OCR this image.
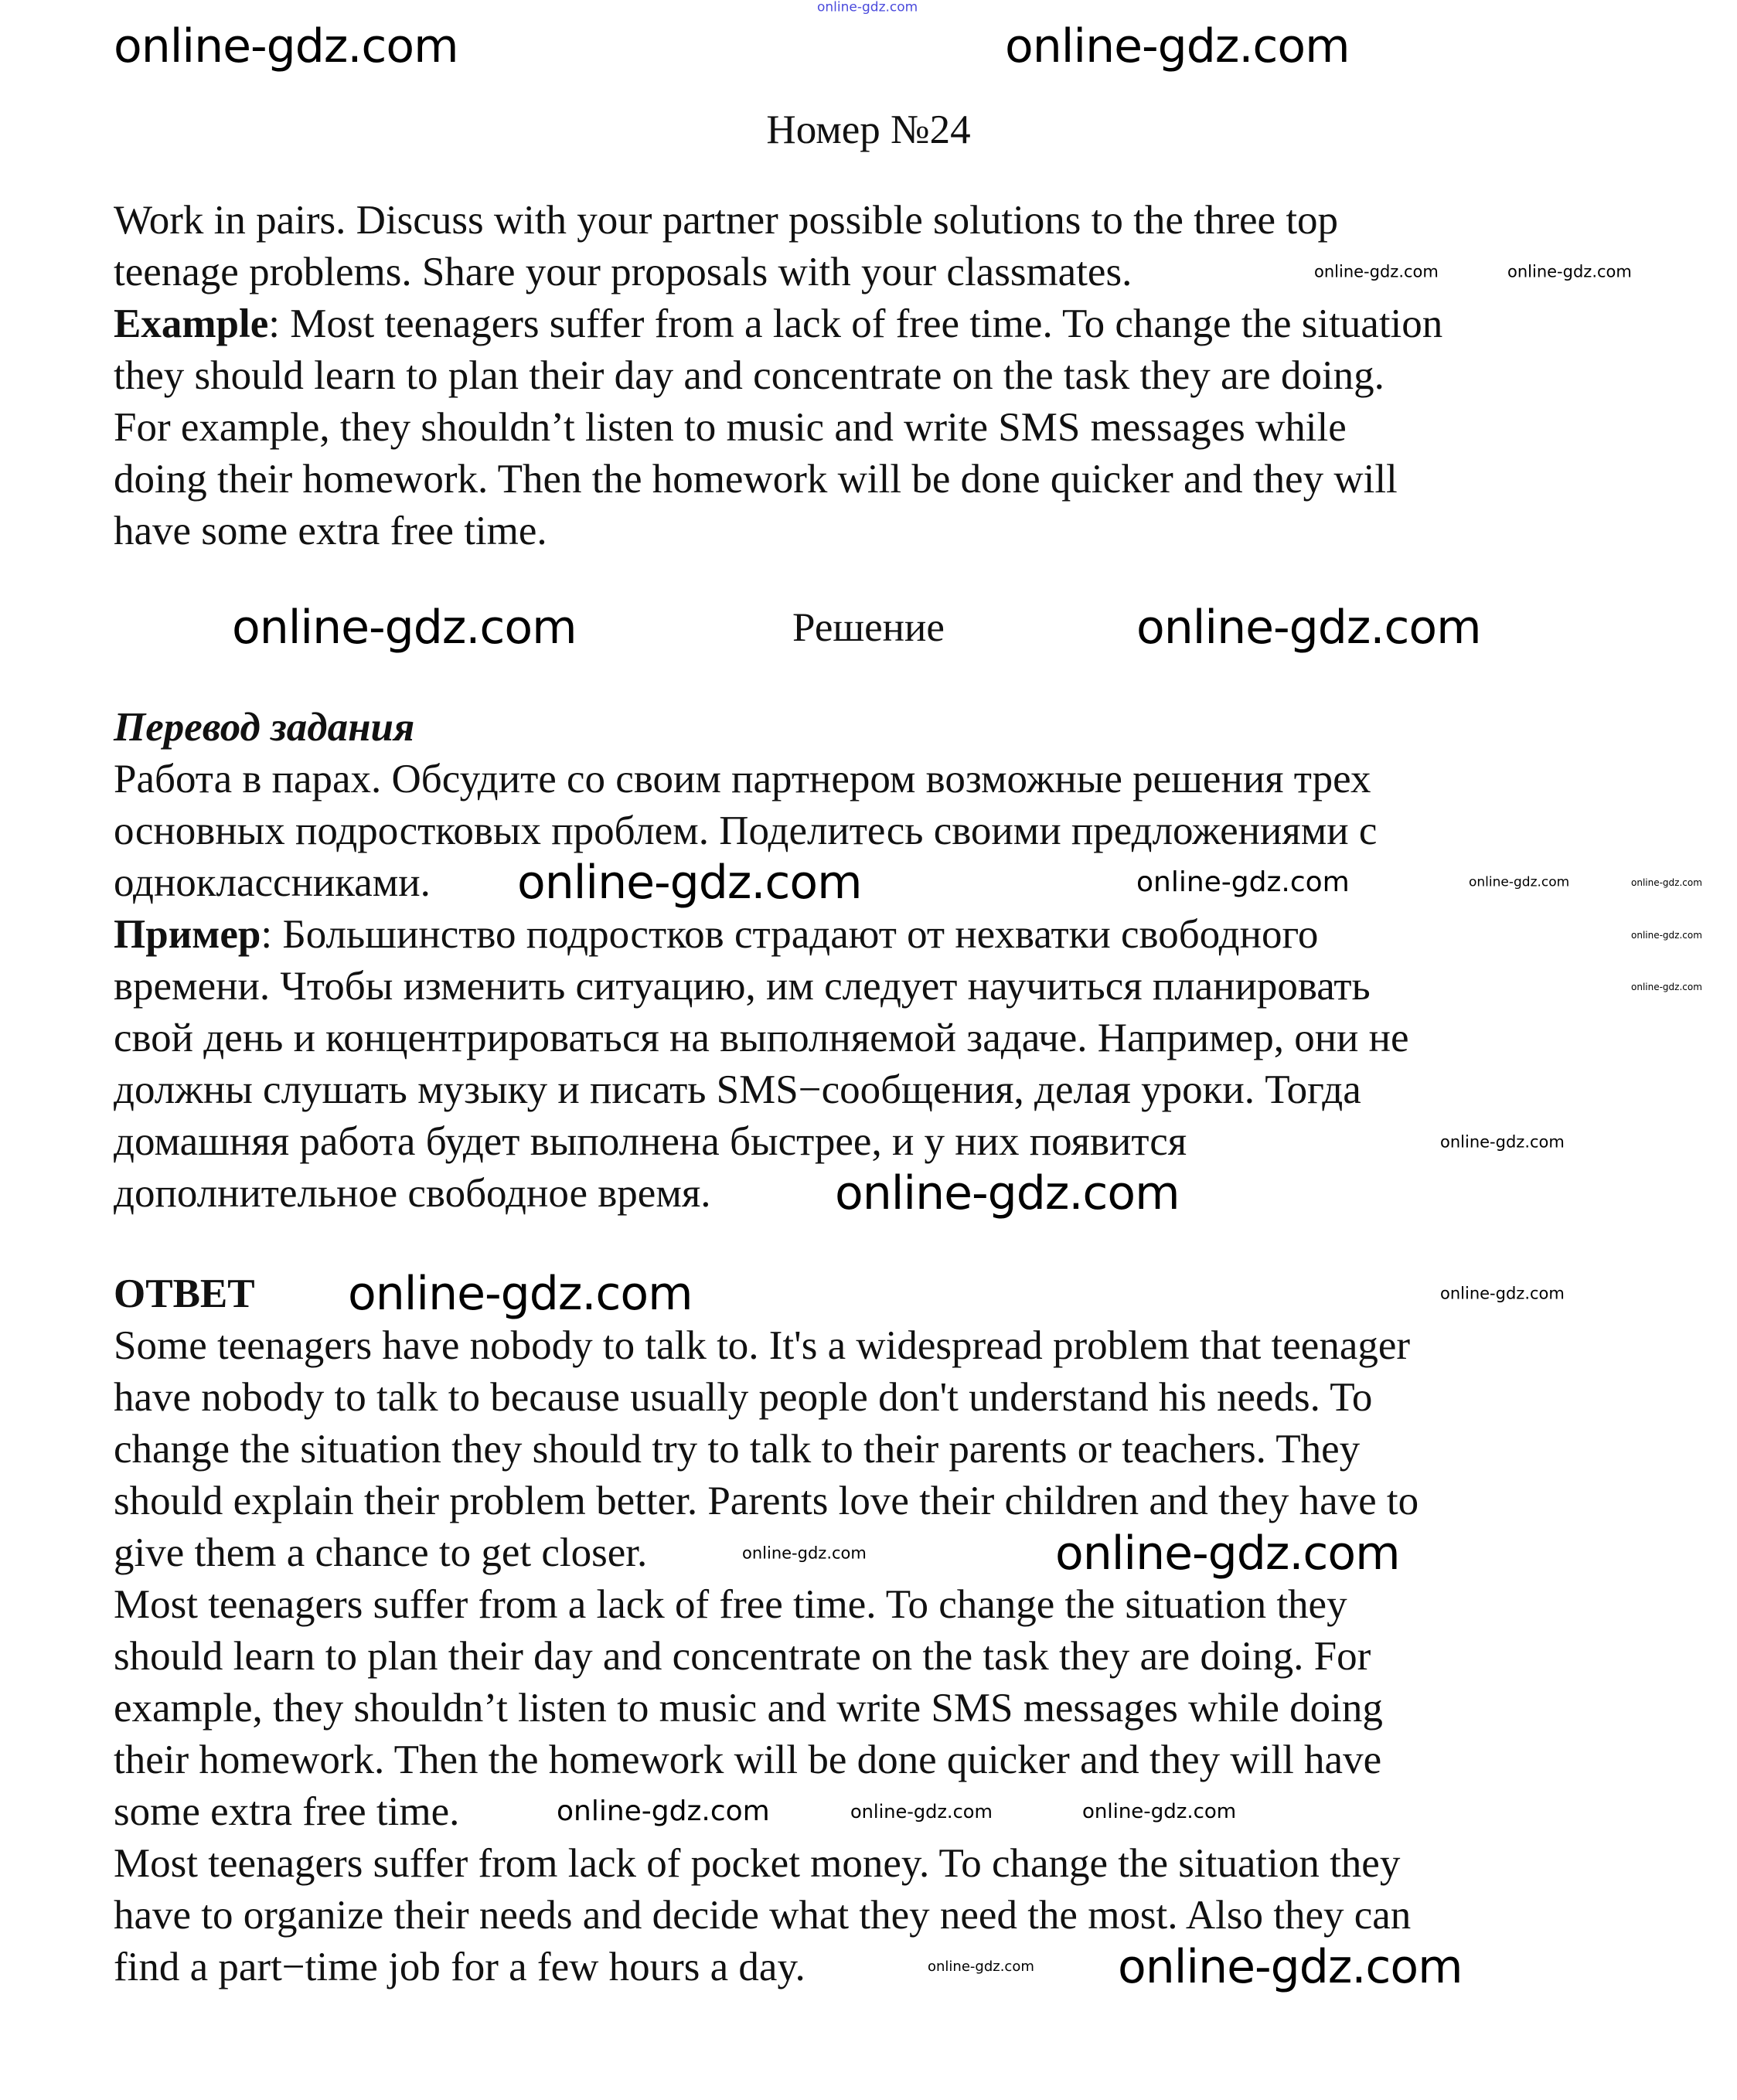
online-gdz.com
Номер №24
Work in pairs. Discuss with your partner possible solutions to the three top
teenage problems. Share your proposals with your classmates.
Example: Most teenagers suffer from a lack of free time. To change the situation
they should learn to plan their day and concentrate on the task they are doing.
For example, they shouldn’t listen to music and write SMS messages while
doing their homework. Then the homework will be done quicker and they will
have some extra free time.
Решение
Перевод задания
Работа в парах. Обсудите со своим партнером возможные решения трех
основных подростковых проблем. Поделитесь своими предложениями с
одноклассниками.
Пример: Большинство подростков страдают от нехватки свободного
времени. Чтобы изменить ситуацию, им следует научиться планировать
свой день и концентрироваться на выполняемой задаче. Например, они не
должны слушать музыку и писать SMS−сообщения, делая уроки. Тогда
домашняя работа будет выполнена быстрее, и у них появится
дополнительное свободное время.
ОТВЕТ
Some teenagers have nobody to talk to. It's a widespread problem that teenager
have nobody to talk to because usually people don't understand his needs. To
change the situation they should try to talk to their parents or teachers. They
should explain their problem better. Parents love their children and they have to
give them a chance to get closer.
Most teenagers suffer from a lack of free time. To change the situation they
should learn to plan their day and concentrate on the task they are doing. For
example, they shouldn’t listen to music and write SMS messages while doing
their homework. Then the homework will be done quicker and they will have
some extra free time.
Most teenagers suffer from lack of pocket money. To change the situation they
have to organize their needs and decide what they need the most. Also they can
find a part−time job for a few hours a day.
online-gdz.com	online-gdz.com
online-gdz.com	online-gdz.com
online-gdz.com
online-gdz.com
online-gdz.com
online-gdz.com
online-gdz.com
online-gdz.com
online-gdz.com
online-gdz.com	online-gdz.com
online-gdz.com
online-gdz.com
online-gdz.com
online-gdz.com
online-gdz.com
online-gdz.com
online-gdz.com
online-gdz.com
online-gdz.com
online-gdz.com
